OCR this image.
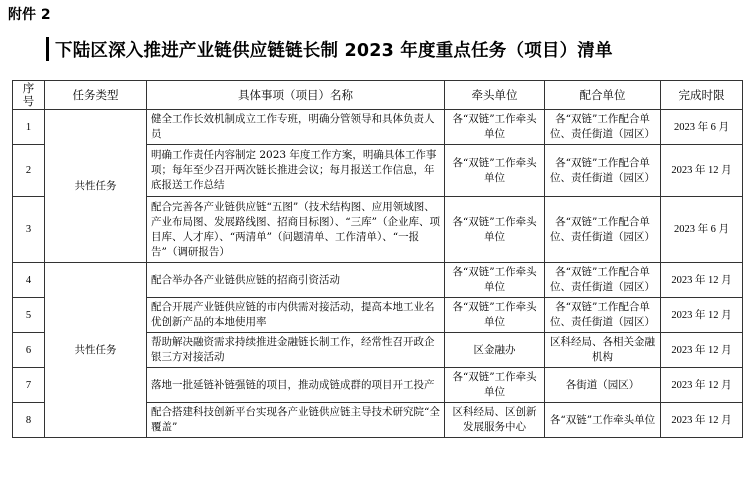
附件 2
下陆区深入推进产业链供应链链长制 2023 年度重点任务（项目）清单
序
号	任务类型	具体事项（项目）名称	牵头单位	配合单位	完成时限
1	共性任务	健全工作长效机制成立工作专班，明确分管领导和具体负责人员	各“双链”工作牵头单位	各“双链”工作配合单位、责任街道（园区）	2023 年 6 月
2		明确工作责任内容制定 2023 年度工作方案，明确具体工作事项；每年至少召开两次链长推进会议；每月报送工作信息，年底报送工作总结	各“双链”工作牵头单位	各“双链”工作配合单位、责任街道（园区）	2023 年 12 月
3		配合完善各产业链供应链“五图”（技术结构图、应用领域图、产业布局图、发展路线图、招商目标图）、“三库”（企业库、项目库、人才库）、“两清单”（问题清单、工作清单）、“一报告”（调研报告）	各“双链”工作牵头单位	各“双链”工作配合单位、责任街道（园区）	2023 年 6 月
4	共性任务	配合举办各产业链供应链的招商引资活动	各“双链”工作牵头单位	各“双链”工作配合单位、责任街道（园区）	2023 年 12 月
5		配合开展产业链供应链的市内供需对接活动，提高本地工业名优创新产品的本地使用率	各“双链”工作牵头单位	各“双链”工作配合单位、责任街道（园区）	2023 年 12 月
6		帮助解决融资需求持续推进金融链长制工作，经常性召开政企银三方对接活动	区金融办	区科经局、各相关金融机构	2023 年 12 月
7		落地一批延链补链强链的项目，推动成链成群的项目开工投产	各“双链”工作牵头单位	各街道（园区）	2023 年 12 月
8		配合搭建科技创新平台实现各产业链供应链主导技术研究院“全覆盖”	区科经局、区创新发展服务中心	各“双链”工作牵头单位	2023 年 12 月
